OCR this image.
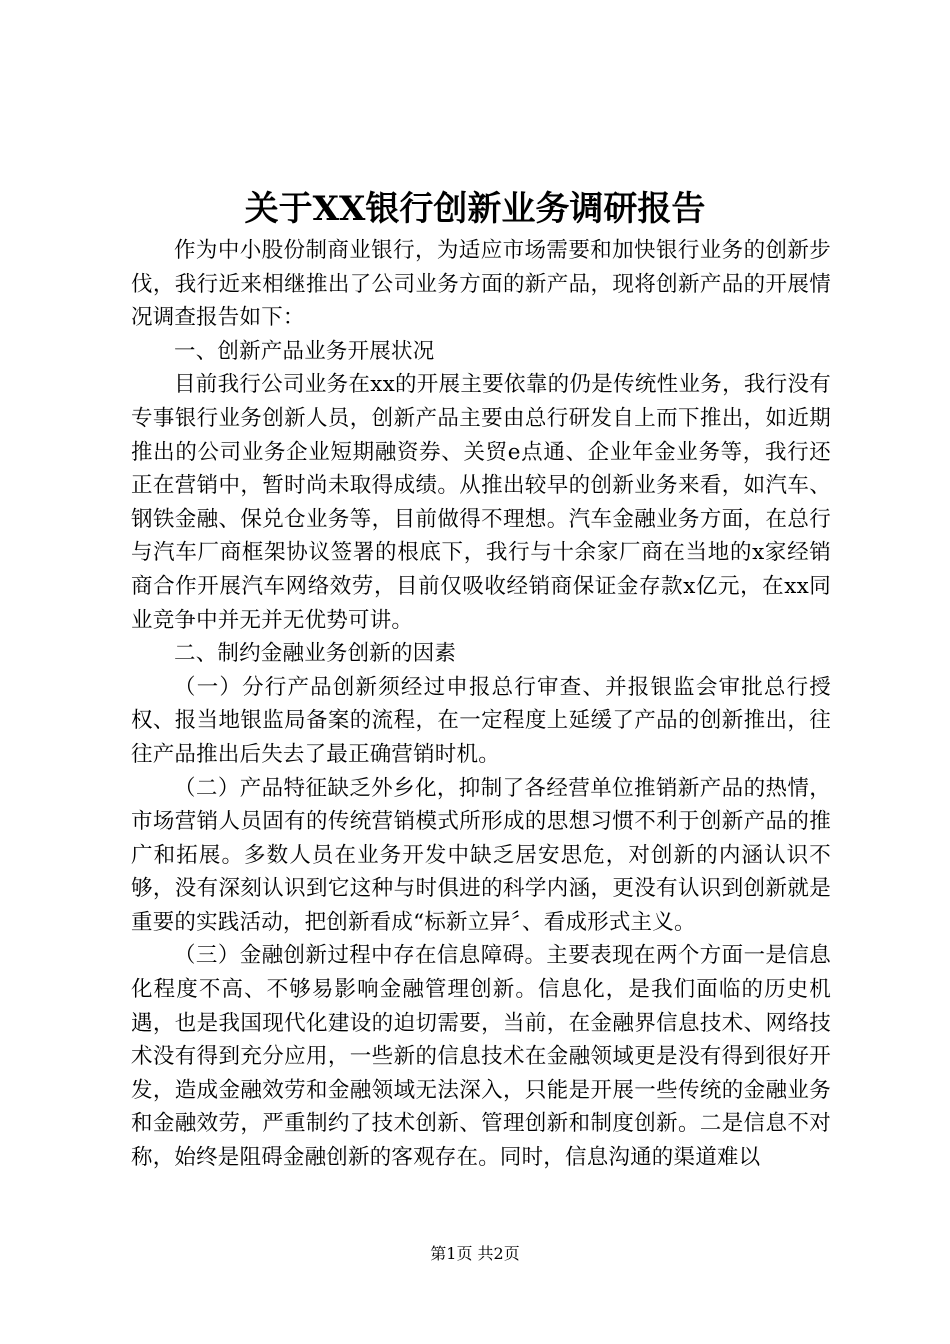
关于XX银行创新业务调研报告

作为中小股份制商业银行，为适应市场需要和加快银行业务的创新步伐，我行近来相继推出了公司业务方面的新产品，现将创新产品的开展情况调查报告如下：

一、创新产品业务开展状况

目前我行公司业务在xx的开展主要依靠的仍是传统性业务，我行没有专事银行业务创新人员，创新产品主要由总行研发自上而下推出，如近期推出的公司业务企业短期融资券、关贸e点通、企业年金业务等，我行还正在营销中，暂时尚未取得成绩。从推出较早的创新业务来看，如汽车、钢铁金融、保兑仓业务等，目前做得不理想。汽车金融业务方面，在总行与汽车厂商框架协议签署的根底下，我行与十余家厂商在当地的x家经销商合作开展汽车网络效劳，目前仅吸收经销商保证金存款x亿元，在xx同业竞争中并无并无优势可讲。

二、制约金融业务创新的因素

（一）分行产品创新须经过申报总行审查、并报银监会审批总行授权、报当地银监局备案的流程，在一定程度上延缓了产品的创新推出，往往产品推出后失去了最正确营销时机。

（二）产品特征缺乏外乡化，抑制了各经营单位推销新产品的热情，市场营销人员固有的传统营销模式所形成的思想习惯不利于创新产品的推广和拓展。多数人员在业务开发中缺乏居安思危，对创新的内涵认识不够，没有深刻认识到它这种与时俱进的科学内涵，更没有认识到创新就是重要的实践活动，把创新看成“标新立异〞、看成形式主义。

（三）金融创新过程中存在信息障碍。主要表现在两个方面一是信息化程度不高、不够易影响金融管理创新。信息化，是我们面临的历史机遇，也是我国现代化建设的迫切需要，当前，在金融界信息技术、网络技术没有得到充分应用，一些新的信息技术在金融领域更是没有得到很好开发，造成金融效劳和金融领域无法深入，只能是开展一些传统的金融业务和金融效劳，严重制约了技术创新、管理创新和制度创新。二是信息不对称，始终是阻碍金融创新的客观存在。同时，信息沟通的渠道难以

第1页 共2页
